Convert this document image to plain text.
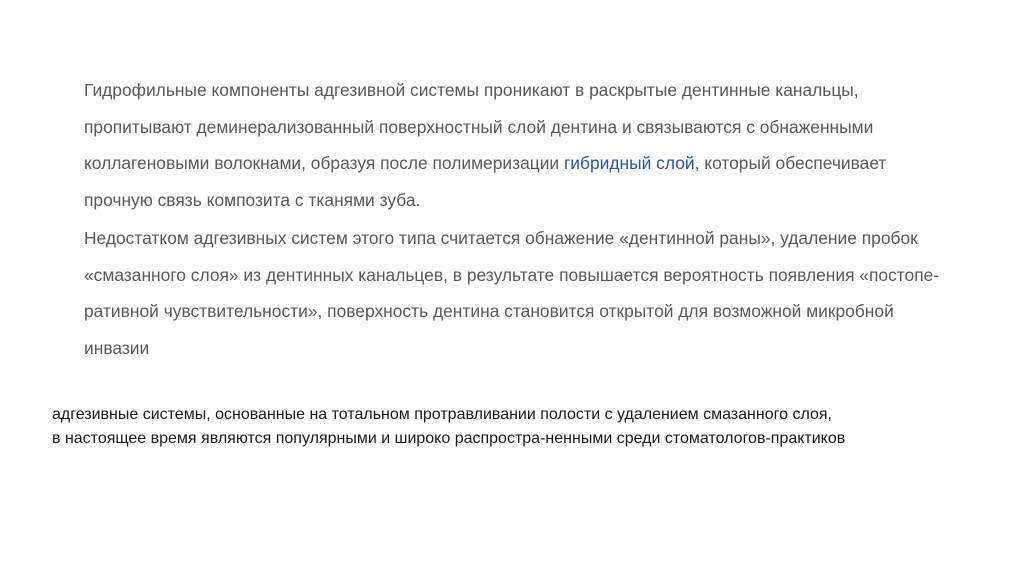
Гидрофильные компоненты адгезивной системы проникают в раскрытые дентинные канальцы, пропитывают деминерализованный поверхностный слой дентина и связываются с обнаженными коллагеновыми волокнами, образуя после полимеризации гибридный слой, который обеспечивает прочную связь композита с тканями зуба.

Недостатком адгезивных систем этого типа считается обнажение «дентинной раны», удаление пробок «смазанного слоя» из дентинных канальцев, в результате повышается вероятность появления «постопе-ративной чувствительности», поверхность дентина становится открытой для возможной микробной инвазии

адгезивные системы, основанные на тотальном протравливании полости с удалением смазанного слоя,
в настоящее время являются популярными и широко распростра-ненными среди стоматологов-практиков
